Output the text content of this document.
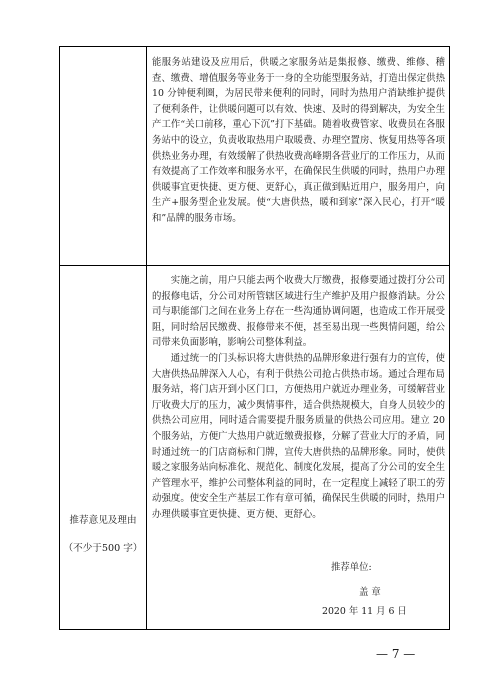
能服务站建设及应用后，供暖之家服务站是集报修、缴费、维修、稽查、缴费、增值服务等业务于一身的全功能型服务站，打造出保定供热 10 分钟便利圈，为居民带来便利的同时，同时为热用户消缺维护提供了便利条件，让供暖问题可以有效、快速、及时的得到解决，为安全生产工作“关口前移，重心下沉”打下基础。随着收费管家、收费员在各服务站中的设立，负责收取热用户取暖费、办理空置房、恢复用热等各项供热业务办理，有效缓解了供热收费高峰期各营业厅的工作压力，从而有效提高了工作效率和服务水平，在确保民生供暖的同时，热用户办理供暖事宜更快捷、更方便、更舒心，真正做到贴近用户，服务用户，向生产+服务型企业发展。使“大唐供热，暖和到家”深入民心，打开“暖和”品牌的服务市场。

实施之前，用户只能去两个收费大厅缴费，报修要通过拨打分公司的报修电话，分公司对所管辖区域进行生产维护及用户报修消缺。分公司与职能部门之间在业务上存在一些沟通协调问题，也造成工作开展受阻，同时给居民缴费、报修带来不便，甚至易出现一些舆情问题，给公司带来负面影响，影响公司整体利益。

通过统一的门头标识将大唐供热的品牌形象进行强有力的宣传，使大唐供热品牌深入人心，有利于供热公司抢占供热市场。通过合理布局服务站，将门店开到小区门口，方便热用户就近办理业务，可缓解营业厅收费大厅的压力，减少舆情事件，适合供热规模大，自身人员较少的供热公司应用，同时适合需要提升服务质量的供热公司应用。建立 20 个服务站，方便广大热用户就近缴费报修，分解了营业大厅的矛盾，同时通过统一的门店商标和门牌，宣传大唐供热的品牌形象。同时，使供暖之家服务站向标准化、规范化、制度化发展，提高了分公司的安全生产管理水平，维护公司整体利益的同时，在一定程度上减轻了职工的劳动强度。使安全生产基层工作有章可循，确保民生供暖的同时，热用户办理供暖事宜更快捷、更方便、更舒心。

推荐单位:
盖 章
2020 年 11 月 6 日
推荐意见及理由
（不少于500 字）
— 7 —
